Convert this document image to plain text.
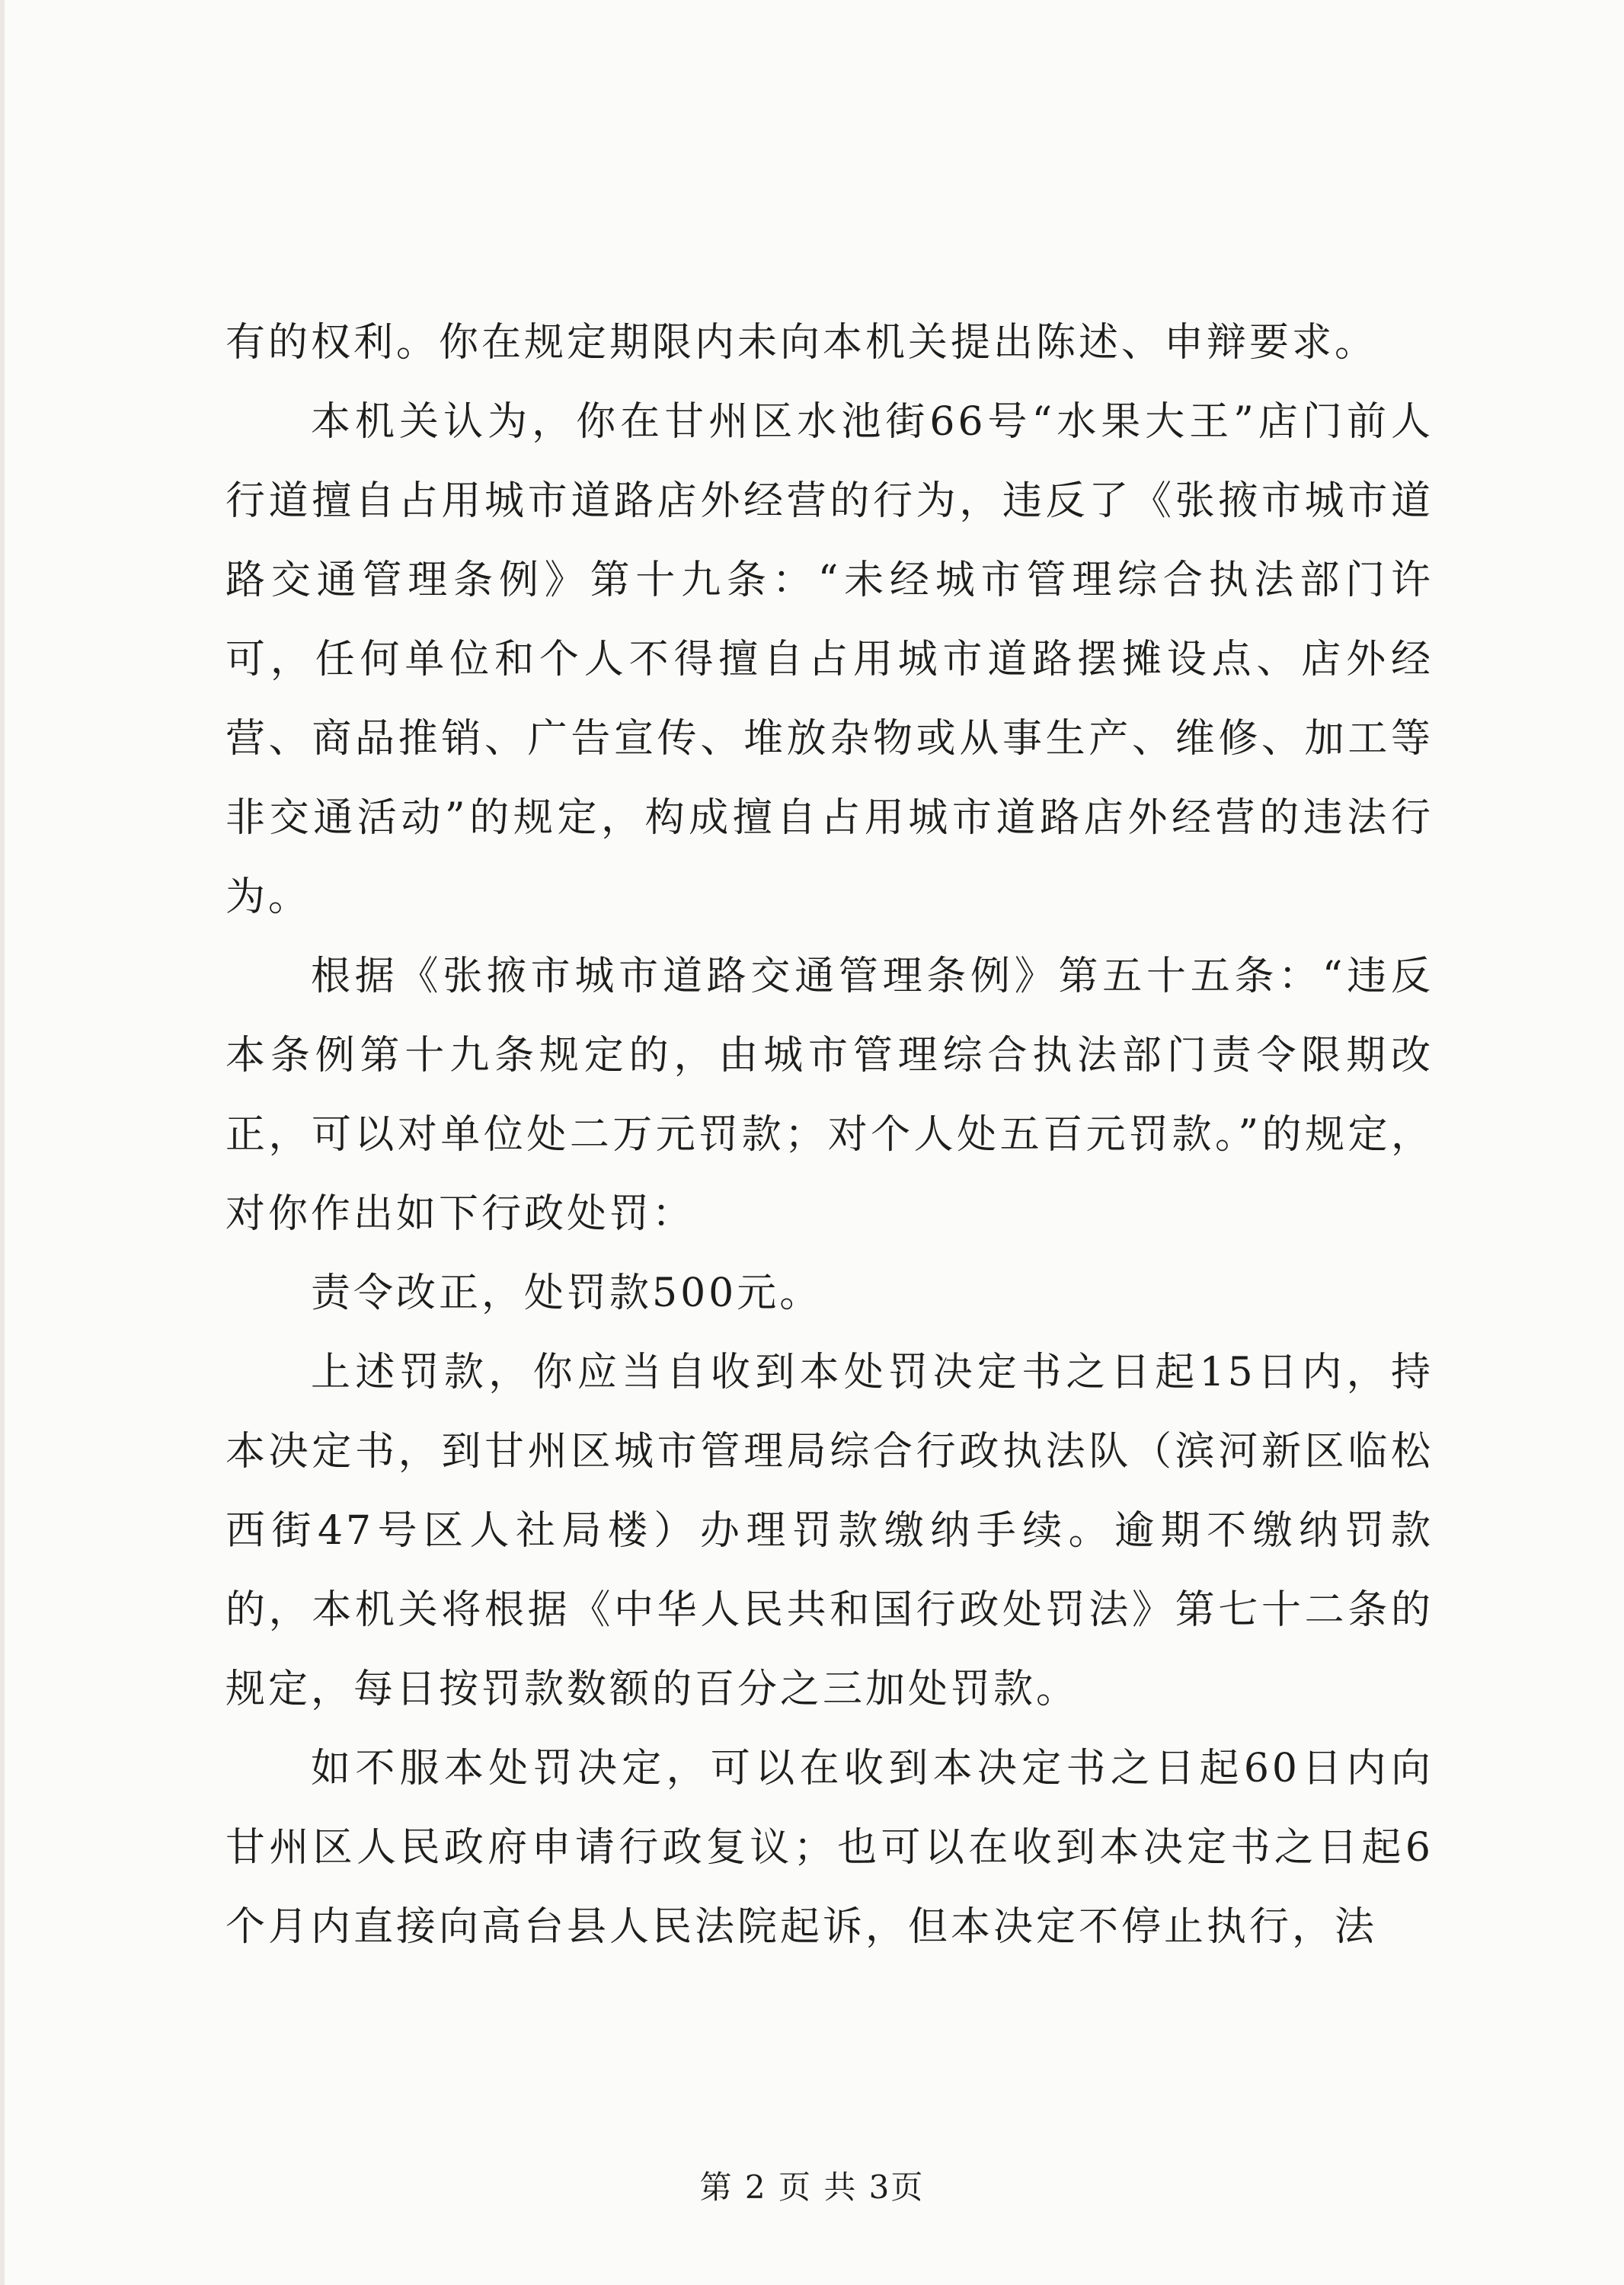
有的权利。你在规定期限内未向本机关提出陈述、申辩要求。

本机关认为，你在甘州区水池街66号“水果大王”店门前人行道擅自占用城市道路店外经营的行为，违反了《张掖市城市道路交通管理条例》第十九条：“未经城市管理综合执法部门许可，任何单位和个人不得擅自占用城市道路摆摊设点、店外经营、商品推销、广告宣传、堆放杂物或从事生产、维修、加工等非交通活动”的规定，构成擅自占用城市道路店外经营的违法行为。

根据《张掖市城市道路交通管理条例》第五十五条：“违反本条例第十九条规定的，由城市管理综合执法部门责令限期改正，可以对单位处二万元罚款；对个人处五百元罚款。”的规定，对你作出如下行政处罚：

责令改正，处罚款500元。

上述罚款，你应当自收到本处罚决定书之日起15日内，持本决定书，到甘州区城市管理局综合行政执法队（滨河新区临松西街47号区人社局楼）办理罚款缴纳手续。逾期不缴纳罚款的，本机关将根据《中华人民共和国行政处罚法》第七十二条的规定，每日按罚款数额的百分之三加处罚款。

如不服本处罚决定，可以在收到本决定书之日起60日内向甘州区人民政府申请行政复议；也可以在收到本决定书之日起6个月内直接向高台县人民法院起诉，但本决定不停止执行，法

第 2 页 共 3页
